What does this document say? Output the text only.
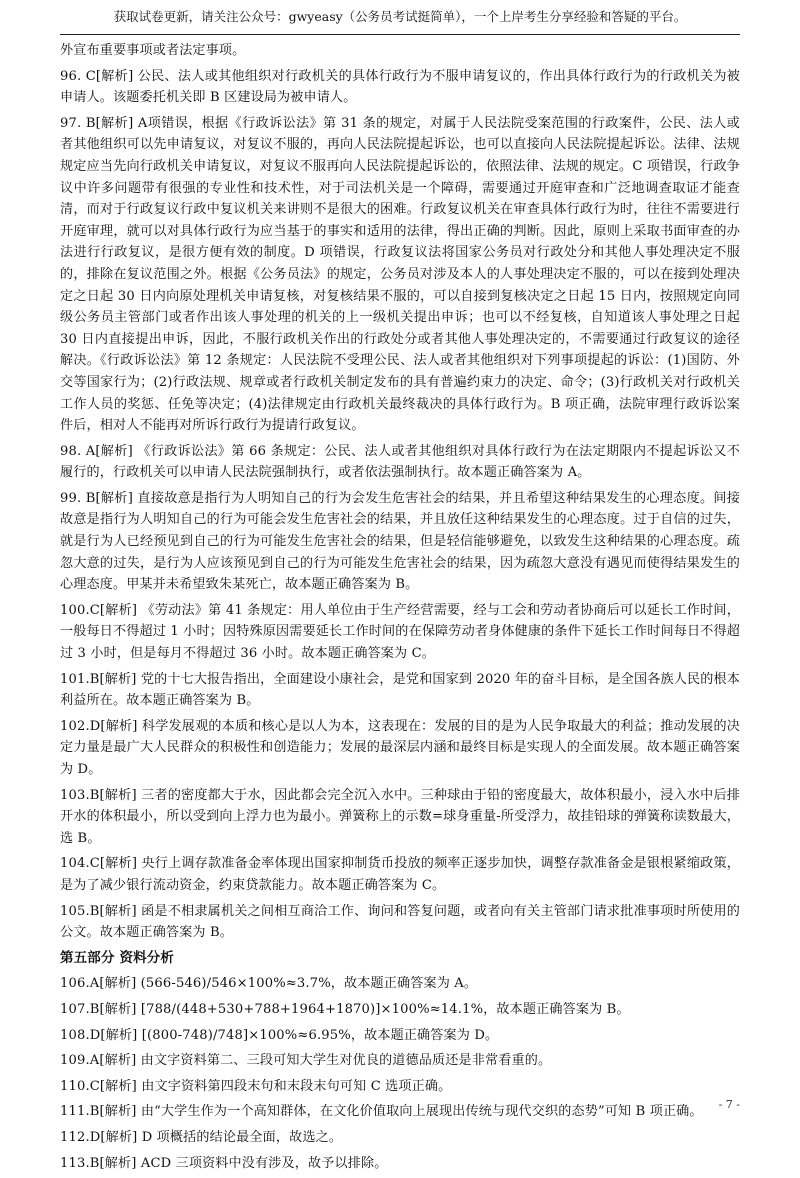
获取试卷更新，请关注公众号：gwyeasy（公务员考试挺简单），一个上岸考生分享经验和答疑的平台。

外宣布重要事项或者法定事项。

96. C[解析] 公民、法人或其他组织对行政机关的具体行政行为不服申请复议的，作出具体行政行为的行政机关为被申请人。该题委托机关即 B 区建设局为被申请人。

97. B[解析] A项错误，根据《行政诉讼法》第 31 条的规定，对属于人民法院受案范围的行政案件，公民、法人或者其他组织可以先申请复议，对复议不服的，再向人民法院提起诉讼，也可以直接向人民法院提起诉讼。法律、法规规定应当先向行政机关申请复议，对复议不服再向人民法院提起诉讼的，依照法律、法规的规定。C 项错误，行政争议中许多问题带有很强的专业性和技术性，对于司法机关是一个障碍，需要通过开庭审查和广泛地调查取证才能查清，而对于行政复议行政中复议机关来讲则不是很大的困难。行政复议机关在审查具体行政行为时，往往不需要进行开庭审理，就可以对具体行政行为应当基于的事实和适用的法律，得出正确的判断。因此，原则上采取书面审查的办法进行行政复议，是很方便有效的制度。D 项错误，行政复议法将国家公务员对行政处分和其他人事处理决定不服的，排除在复议范围之外。根据《公务员法》的规定，公务员对涉及本人的人事处理决定不服的，可以在接到处理决定之日起 30 日内向原处理机关申请复核，对复核结果不服的，可以自接到复核决定之日起 15 日内，按照规定向同级公务员主管部门或者作出该人事处理的机关的上一级机关提出申诉；也可以不经复核，自知道该人事处理之日起 30 日内直接提出申诉，因此，不服行政机关作出的行政处分或者其他人事处理决定的，不需要通过行政复议的途径解决。《行政诉讼法》第 12 条规定：人民法院不受理公民、法人或者其他组织对下列事项提起的诉讼：(1)国防、外交等国家行为；(2)行政法规、规章或者行政机关制定发布的具有普遍约束力的决定、命令；(3)行政机关对行政机关工作人员的奖惩、任免等决定；(4)法律规定由行政机关最终裁决的具体行政行为。B 项正确，法院审理行政诉讼案件后，相对人不能再对所诉行政行为提请行政复议。

98. A[解析] 《行政诉讼法》第 66 条规定：公民、法人或者其他组织对具体行政行为在法定期限内不提起诉讼又不履行的，行政机关可以申请人民法院强制执行，或者依法强制执行。故本题正确答案为 A。

99. B[解析] 直接故意是指行为人明知自己的行为会发生危害社会的结果，并且希望这种结果发生的心理态度。间接故意是指行为人明知自己的行为可能会发生危害社会的结果，并且放任这种结果发生的心理态度。过于自信的过失，就是行为人已经预见到自己的行为可能发生危害社会的结果，但是轻信能够避免，以致发生这种结果的心理态度。疏忽大意的过失，是行为人应该预见到自己的行为可能发生危害社会的结果，因为疏忽大意没有遇见而使得结果发生的心理态度。甲某并未希望致朱某死亡，故本题正确答案为 B。

100.C[解析] 《劳动法》第 41 条规定：用人单位由于生产经营需要，经与工会和劳动者协商后可以延长工作时间，一般每日不得超过 1 小时；因特殊原因需要延长工作时间的在保障劳动者身体健康的条件下延长工作时间每日不得超过 3 小时，但是每月不得超过 36 小时。故本题正确答案为 C。

101.B[解析] 党的十七大报告指出，全面建设小康社会，是党和国家到 2020 年的奋斗目标，是全国各族人民的根本利益所在。故本题正确答案为 B。

102.D[解析] 科学发展观的本质和核心是以人为本，这表现在：发展的目的是为人民争取最大的利益；推动发展的决定力量是最广大人民群众的积极性和创造能力；发展的最深层内涵和最终目标是实现人的全面发展。故本题正确答案为 D。

103.B[解析] 三者的密度都大于水，因此都会完全沉入水中。三种球由于铅的密度最大，故体积最小，浸入水中后排开水的体积最小，所以受到向上浮力也为最小。弹簧称上的示数=球身重量-所受浮力，故挂铅球的弹簧称读数最大，选 B。

104.C[解析] 央行上调存款准备金率体现出国家抑制货币投放的频率正逐步加快，调整存款准备金是银根紧缩政策，是为了减少银行流动资金，约束贷款能力。故本题正确答案为 C。

105.B[解析] 函是不相隶属机关之间相互商洽工作、询问和答复问题，或者向有关主管部门请求批准事项时所使用的公文。故本题正确答案为 B。

第五部分 资料分析

106.A[解析] (566-546)/546×100%≈3.7%，故本题正确答案为 A。

107.B[解析] [788/(448+530+788+1964+1870)]×100%≈14.1%，故本题正确答案为 B。

108.D[解析] [(800-748)/748]×100%≈6.95%，故本题正确答案为 D。

109.A[解析] 由文字资料第二、三段可知大学生对优良的道德品质还是非常看重的。

110.C[解析] 由文字资料第四段末句和末段末句可知 C 选项正确。

111.B[解析] 由“大学生作为一个高知群体，在文化价值取向上展现出传统与现代交织的态势”可知 B 项正确。

112.D[解析] D 项概括的结论最全面，故选之。

113.B[解析] ACD 三项资料中没有涉及，故予以排除。

- 7 -
